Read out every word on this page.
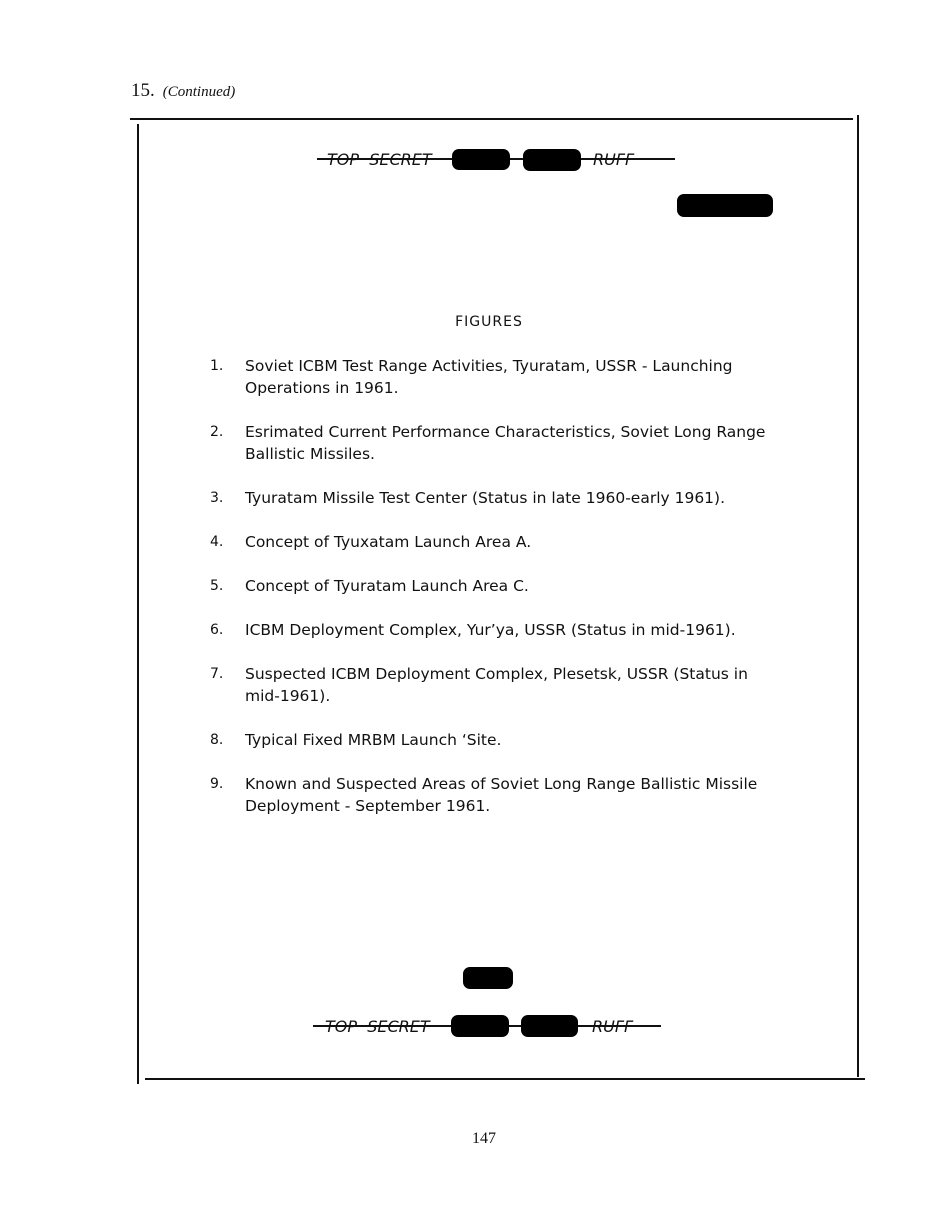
15. (Continued)
TOP  SECRET	RUFF
FIGURES
1. Soviet ICBM Test Range Activities, Tyuratam, USSR - Launching Operations in 1961.
2. Esrimated Current Performance Characteristics, Soviet Long Range Ballistic Missiles.
3. Tyuratam Missile Test Center (Status in late 1960-early 1961).
4. Concept of Tyuxatam Launch Area A.
5. Concept of Tyuratam Launch Area C.
6. ICBM Deployment Complex, Yur’ya, USSR (Status in mid-1961).
7. Suspected ICBM Deployment Complex, Plesetsk, USSR (Status in mid-1961).
8. Typical Fixed MRBM Launch ‘Site.
9. Known and Suspected Areas of Soviet Long Range Ballistic Missile Deployment - September 1961.
TOP  SECRET	RUFF
147
